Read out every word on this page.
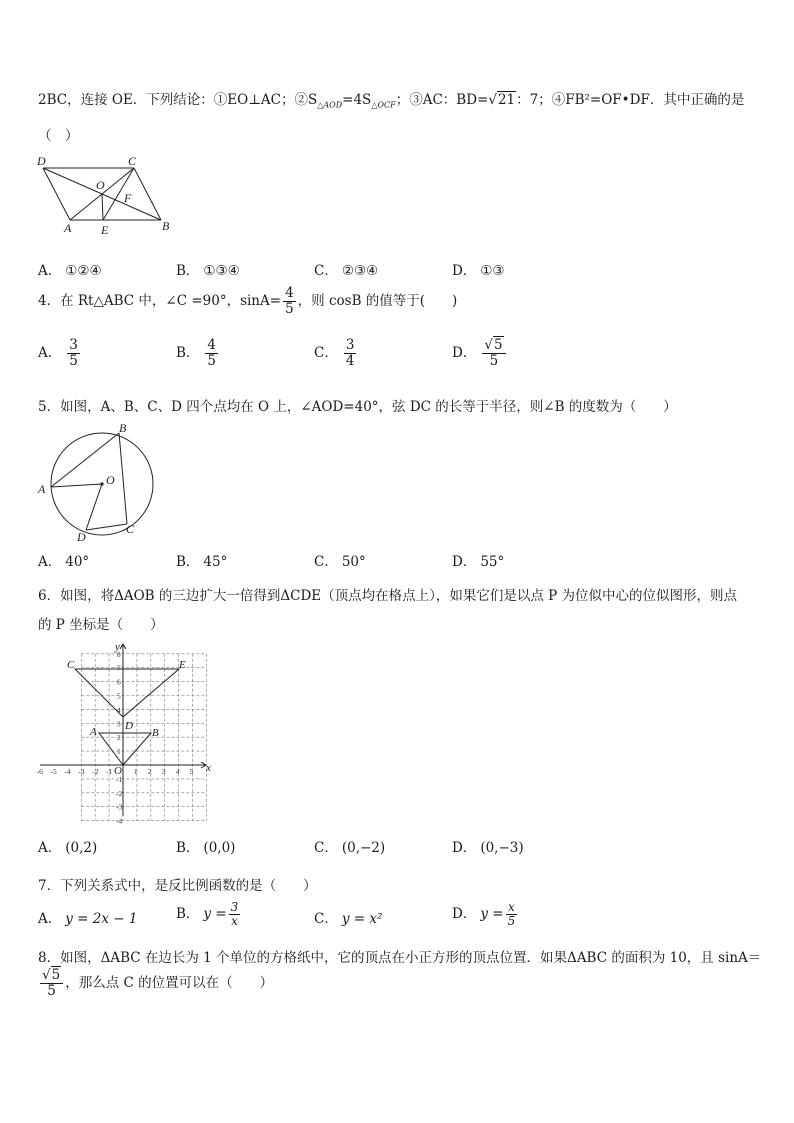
2BC，连接 OE．下列结论：①EO⊥AC；$②S_{\triangle AOD}=4S_{\triangle OCF}$；③AC：BD=√21：7；④FB²=OF•DF．其中正确的是
（　）
D	C
O
F
A E	B
A． ①②④	B． ①③④	C． ②③④	D． ①③
4．在 Rt△ABC 中，∠C =90°，$\sin A= \frac{4}{5}$ ，则 cosB 的值等于(　　)
A． $\frac{3}{5}$	B． $\frac{4}{5}$	C． $\frac{3}{4}$	D． $\frac{√5}{5}$
5．如图，A、B、C、D 四个点均在 O 上，∠AOD=40°，弦 DC 的长等于半径，则∠B 的度数为（　　）
B
A
O
D
C
A． 40°	B． 45°	C． 50°	D． 55°
6．如图，将ΔAOB 的三边扩大一倍得到ΔCDE（顶点均在格点上），如果它们是以点 P 为位似中心的位似图形，则点
的 P 坐标是（　　）
-6 -5 -4 -3 -2 -1	1 2 3 4 5
8
7
6
5
4
3
2
1
-1
-2
-3
-4
y
x
C	E
A	D
B
O
A． (0,2)	B． (0,0)	C． (0,−2)	D． (0,−3)
7．下列关系式中，是反比例函数的是（　　）
A． y = 2x − 1	B． $y = \frac{3}{x}$	C． y = x²	D． $y = \frac{x}{5}$
8．如图，ΔABC 在边长为 1 个单位的方格纸中，它的顶点在小正方形的顶点位置．如果ΔABC 的面积为 10，且 sinA＝
$\frac{√5}{5}$ ，那么点 C 的位置可以在（　　）
